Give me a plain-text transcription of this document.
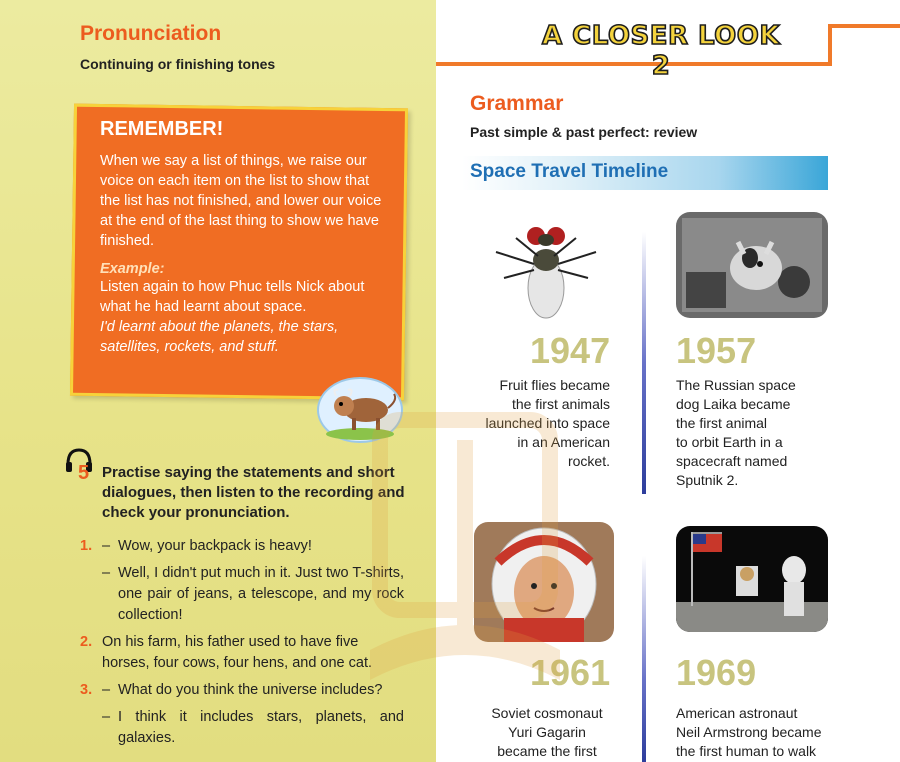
Pronunciation
Continuing or finishing tones
REMEMBER!
When we say a list of things, we raise our voice on each item on the list to show that the list has not finished, and lower our voice at the end of the last thing to show we have finished.
Example:
Listen again to how Phuc tells Nick about what he had learnt about space.
I'd learnt about the planets, the stars, satellites, rockets, and stuff.
5 Practise saying the statements and short dialogues, then listen to the recording and check your pronunciation.
1. – Wow, your backpack is heavy!
– Well, I didn't put much in it. Just two T-shirts, one pair of jeans, a telescope, and my rock collection!
2. On his farm, his father used to have five horses, four cows, four hens, and one cat.
3. – What do you think the universe includes?
– I think it includes stars, planets, and galaxies.
A CLOSER LOOK 2
Grammar
Past simple & past perfect: review
Space Travel Timeline
1947
Fruit flies became
the first animals
launched into space
in an American
rocket.
1957
The Russian space
dog Laika became
the first animal
to orbit Earth in a
spacecraft named
Sputnik 2.
1961
Soviet cosmonaut
Yuri Gagarin
became the first
1969
American astronaut
Neil Armstrong became
the first human to walk
